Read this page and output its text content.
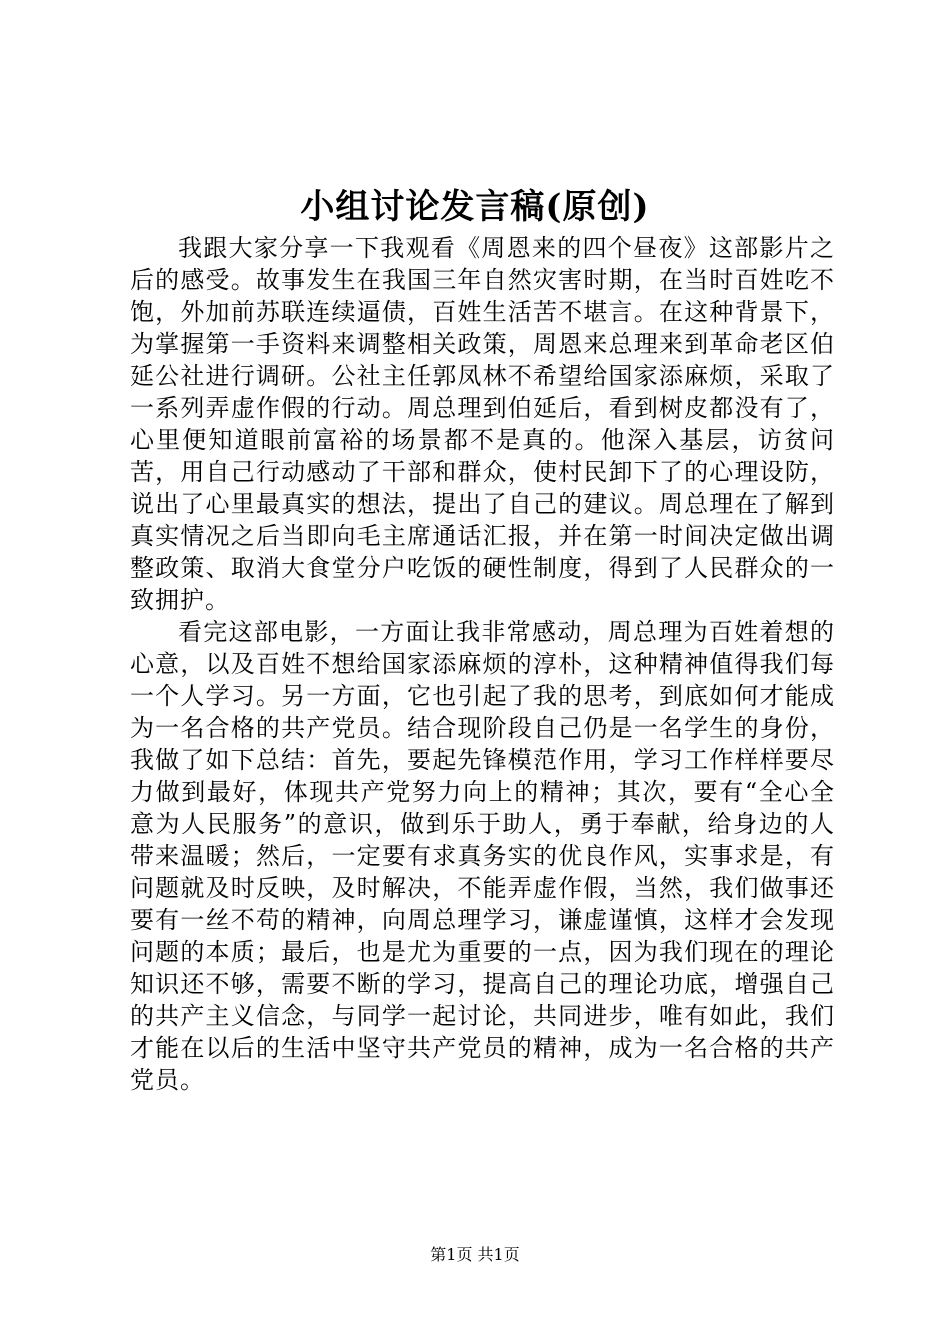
小组讨论发言稿(原创)

我跟大家分享一下我观看《周恩来的四个昼夜》这部影片之后的感受。故事发生在我国三年自然灾害时期，在当时百姓吃不饱，外加前苏联连续逼债，百姓生活苦不堪言。在这种背景下，为掌握第一手资料来调整相关政策，周恩来总理来到革命老区伯延公社进行调研。公社主任郭凤林不希望给国家添麻烦，采取了一系列弄虚作假的行动。周总理到伯延后，看到树皮都没有了，心里便知道眼前富裕的场景都不是真的。他深入基层，访贫问苦，用自己行动感动了干部和群众，使村民卸下了的心理设防，说出了心里最真实的想法，提出了自己的建议。周总理在了解到真实情况之后当即向毛主席通话汇报，并在第一时间决定做出调整政策、取消大食堂分户吃饭的硬性制度，得到了人民群众的一致拥护。

看完这部电影，一方面让我非常感动，周总理为百姓着想的心意，以及百姓不想给国家添麻烦的淳朴，这种精神值得我们每一个人学习。另一方面，它也引起了我的思考，到底如何才能成为一名合格的共产党员。结合现阶段自己仍是一名学生的身份，我做了如下总结：首先，要起先锋模范作用，学习工作样样要尽力做到最好，体现共产党努力向上的精神；其次，要有“全心全意为人民服务”的意识，做到乐于助人，勇于奉献，给身边的人带来温暖；然后，一定要有求真务实的优良作风，实事求是，有问题就及时反映，及时解决，不能弄虚作假，当然，我们做事还要有一丝不苟的精神，向周总理学习，谦虚谨慎，这样才会发现问题的本质；最后，也是尤为重要的一点，因为我们现在的理论知识还不够，需要不断的学习，提高自己的理论功底，增强自己的共产主义信念，与同学一起讨论，共同进步，唯有如此，我们才能在以后的生活中坚守共产党员的精神，成为一名合格的共产党员。

第1页 共1页
